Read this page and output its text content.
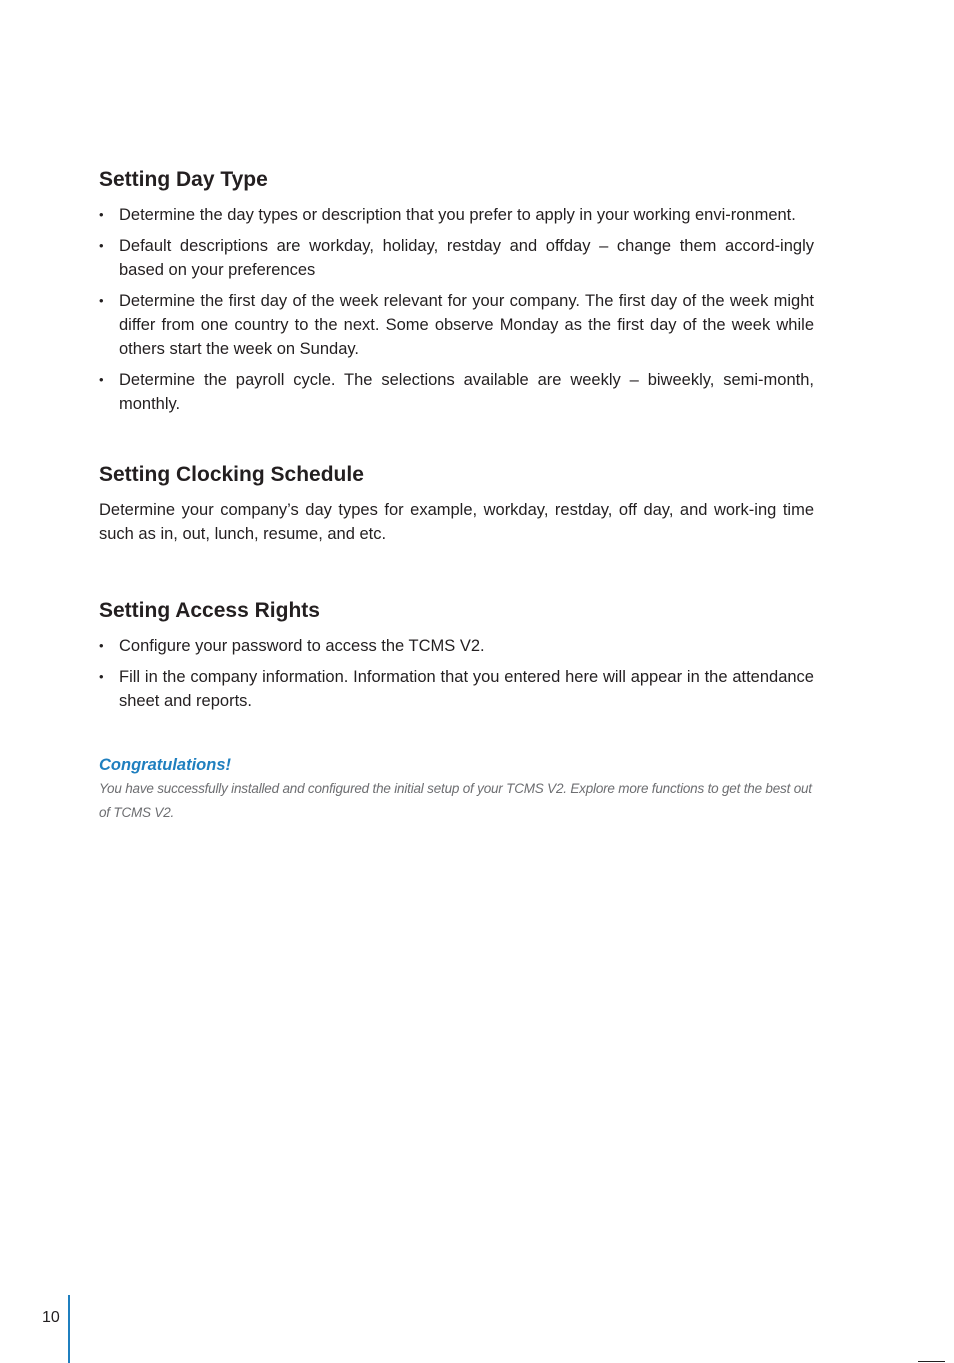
Setting Day Type
• Determine the day types or description that you prefer to apply in your working envi-ronment.
• Default descriptions are workday, holiday, restday and offday – change them accord-ingly based on your preferences
• Determine the first day of the week relevant for your company. The first day of the week might differ from one country to the next. Some observe Monday as the first day of the week while others start the week on Sunday.
• Determine the payroll cycle. The selections available are weekly – biweekly, semi-month, monthly.
Setting Clocking Schedule

Determine your company’s day types for example, workday, restday, off day, and work-ing time such as in, out, lunch, resume, and etc.

Setting Access Rights
• Configure your password to access the TCMS V2.
• Fill in the company information. Information that you entered here will appear in the attendance sheet and reports.

Congratulations!

You have successfully installed and configured the initial setup of your TCMS V2. Explore more functions to get the best out of TCMS V2.

10
